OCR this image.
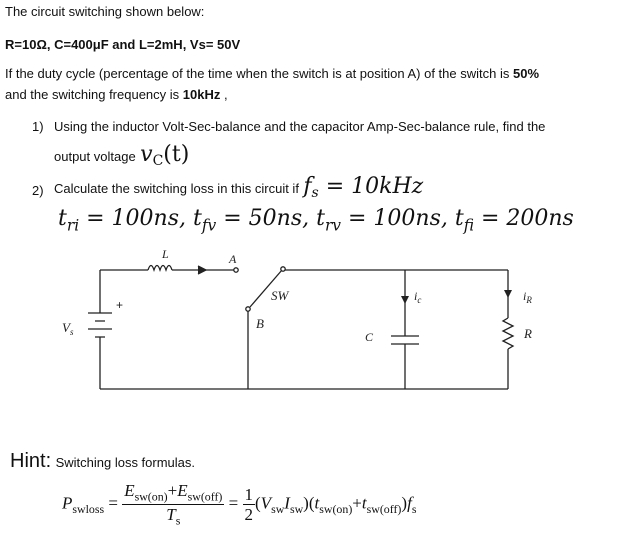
The circuit switching shown below:
R=10Ω, C=400μF and L=2mH, Vs= 50V
If the duty cycle (percentage of the time when the switch is at position A) of the switch is 50%
and the switching frequency is 10kHz ,
1) Using the inductor Volt-Sec-balance and the capacitor Amp-Sec-balance rule, find the
output voltage $v_C(t)$
2) Calculate the switching loss in this circuit if $f_s = 10kHz$
$t_{ri} = 100ns$, $t_{fv} = 50ns$, $t_{rv} = 100ns$, $t_{fi} = 200ns$
L	A
SW
B
C
$i_c$	$i_R$
R
$V_s$
+
Hint: Switching loss formulas.
$P_{swloss} = \frac{E_{sw(on)}+E_{sw(off)}}{T_s} = \frac{1}{2} (V_{sw}I_{sw})(t_{sw(on)}+t_{sw(off)})f_s$
